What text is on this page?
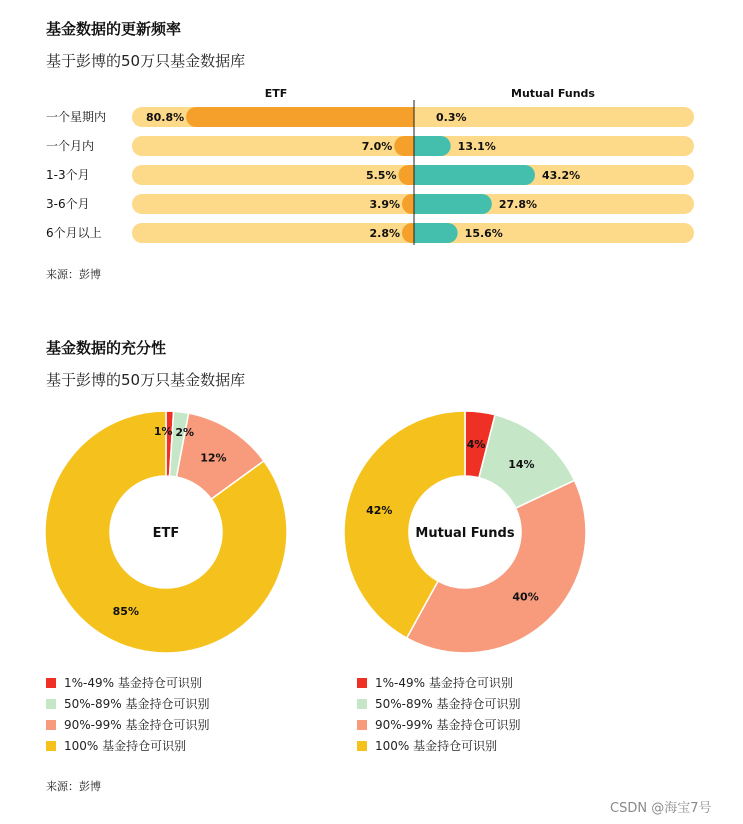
基金数据的更新频率
基于彭博的50万只基金数据库
ETF	Mutual Funds
一个星期内	80.8%	0.3%
一个月内	7.0%	13.1%
1-3个月	5.5%	43.2%
3-6个月	3.9%	27.8%
6个月以上	2.8%	15.6%
来源：彭博
基金数据的充分性
基于彭博的50万只基金数据库
1% 2%
12%
85%
ETF
4%
14%
40%
42%
Mutual Funds
1%-49% 基金持仓可识别
50%-89% 基金持仓可识别
90%-99% 基金持仓可识别
100% 基金持仓可识别
1%-49% 基金持仓可识别
50%-89% 基金持仓可识别
90%-99% 基金持仓可识别
100% 基金持仓可识别
来源：彭博
CSDN @海宝7号
